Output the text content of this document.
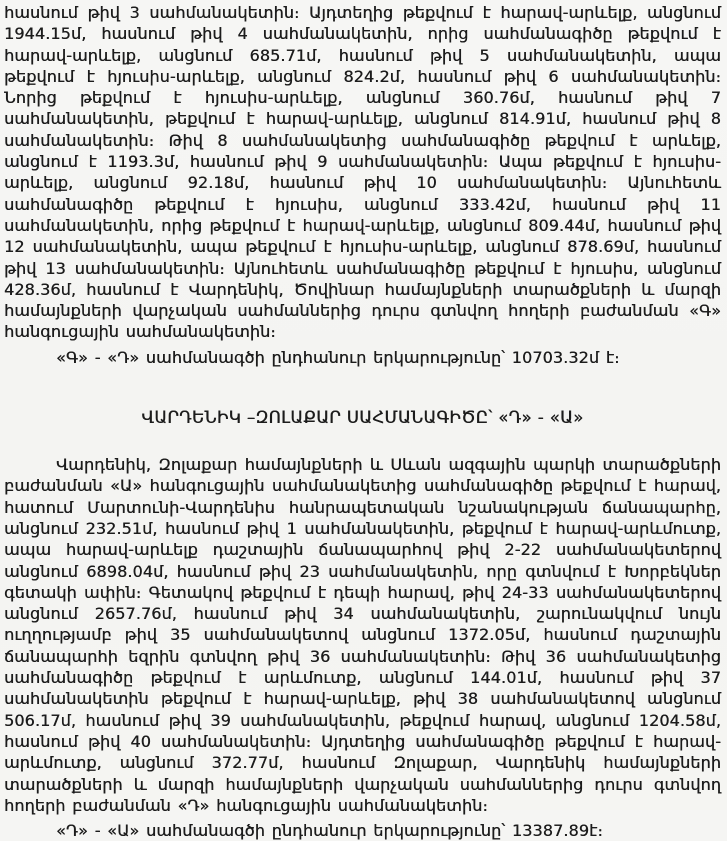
հասնում թիվ 3 սահմանակետին։ Այդտեղից թեքվում է հարավ-արևելք, անցնում 1944.15մ, հասնում թիվ 4 սահմանակետին, որից սահմանագիծը թեքվում է հարավ-արևելք, անցնում 685.71մ, հասնում թիվ 5 սահմանակետին, ապա թեքվում է հյուսիս-արևելք, անցնում 824.2մ, հասնում թիվ 6 սահմանակետին։ Նորից թեքվում է հյուսիս-արևելք, անցնում 360.76մ, հասնում թիվ 7 սահմանակետին, թեքվում է հարավ-արևելք, անցնում 814.91մ, հասնում թիվ 8 սահմանակետին։ Թիվ 8 սահմանակետից սահմանագիծը թեքվում է արևելք, անցնում է 1193.3մ, հասնում թիվ 9 սահմանակետին։ Ապա թեքվում է հյուսիս-արևելք, անցնում 92.18մ, հասնում թիվ 10 սահմանակետին։ Այնուհետև սահմանագիծը թեքվում է հյուսիս, անցնում 333.42մ, հասնում թիվ 11 սահմանակետին, որից թեքվում է հարավ-արևելք, անցնում 809.44մ, հասնում թիվ 12 սահմանակետին, ապա թեքվում է հյուսիս-արևելք, անցնում 878.69մ, հասնում թիվ 13 սահմանակետին։ Այնուհետև սահմանագիծը թեքվում է հյուսիս, անցնում 428.36մ, հասնում է Վարդենիկ, Ծովինար համայնքների տարածքների և մարզի համայնքների վարչական սահմաններից դուրս գտնվող հողերի բաժանման «Գ» հանգուցային սահմանակետին։

«Գ» - «Դ» սահմանագծի ընդհանուր երկարությունը՝ 10703.32մ է։

ՎԱՐԴԵՆԻԿ –ԶՈԼԱՔԱՐ ՍԱՀՄԱՆԱԳԻԾԸ՝ «Դ» - «Ա»

Վարդենիկ, Զոլաքար համայնքների և Սևան ազգային պարկի տարածքների բաժանման «Ա» հանգուցային սահմանակետից սահմանագիծը թեքվում է հարավ, հատում Մարտունի-Վարդենիս հանրապետական նշանակության ճանապարհը, անցնում 232.51մ, հասնում թիվ 1 սահմանակետին, թեքվում է հարավ-արևմուտք, ապա հարավ-արևելք դաշտային ճանապարհով թիվ 2-22 սահմանակետերով անցնում 6898.04մ, հասնում թիվ 23 սահմանակետին, որը գտնվում է Խորբեկներ գետակի ափին։ Գետակով թեքվում է դեպի հարավ, թիվ 24-33 սահմանակետերով անցնում 2657.76մ, հասնում թիվ 34 սահմանակետին, շարունակվում նույն ուղղությամբ թիվ 35 սահմանակետով անցնում 1372.05մ, հասնում դաշտային ճանապարհի եզրին գտնվող թիվ 36 սահմանակետին։ Թիվ 36 սահմանակետից սահմանագիծը թեքվում է արևմուտք, անցնում 144.01մ, հասնում թիվ 37 սահմանակետին թեքվում է հարավ-արևելք, թիվ 38 սահմանակետով անցնում 506.17մ, հասնում թիվ 39 սահմանակետին, թեքվում հարավ, անցնում 1204.58մ, հասնում թիվ 40 սահմանակետին։ Այդտեղից սահմանագիծը թեքվում է հարավ-արևմուտք, անցնում 372.77մ, հասնում Զոլաքար, Վարդենիկ համայնքների տարածքների և մարզի համայնքների վարչական սահմաններից դուրս գտնվող հողերի բաժանման «Դ» հանգուցային սահմանակետին։

«Դ» - «Ա» սահմանագծի ընդհանուր երկարությունը՝ 13387.89է։
